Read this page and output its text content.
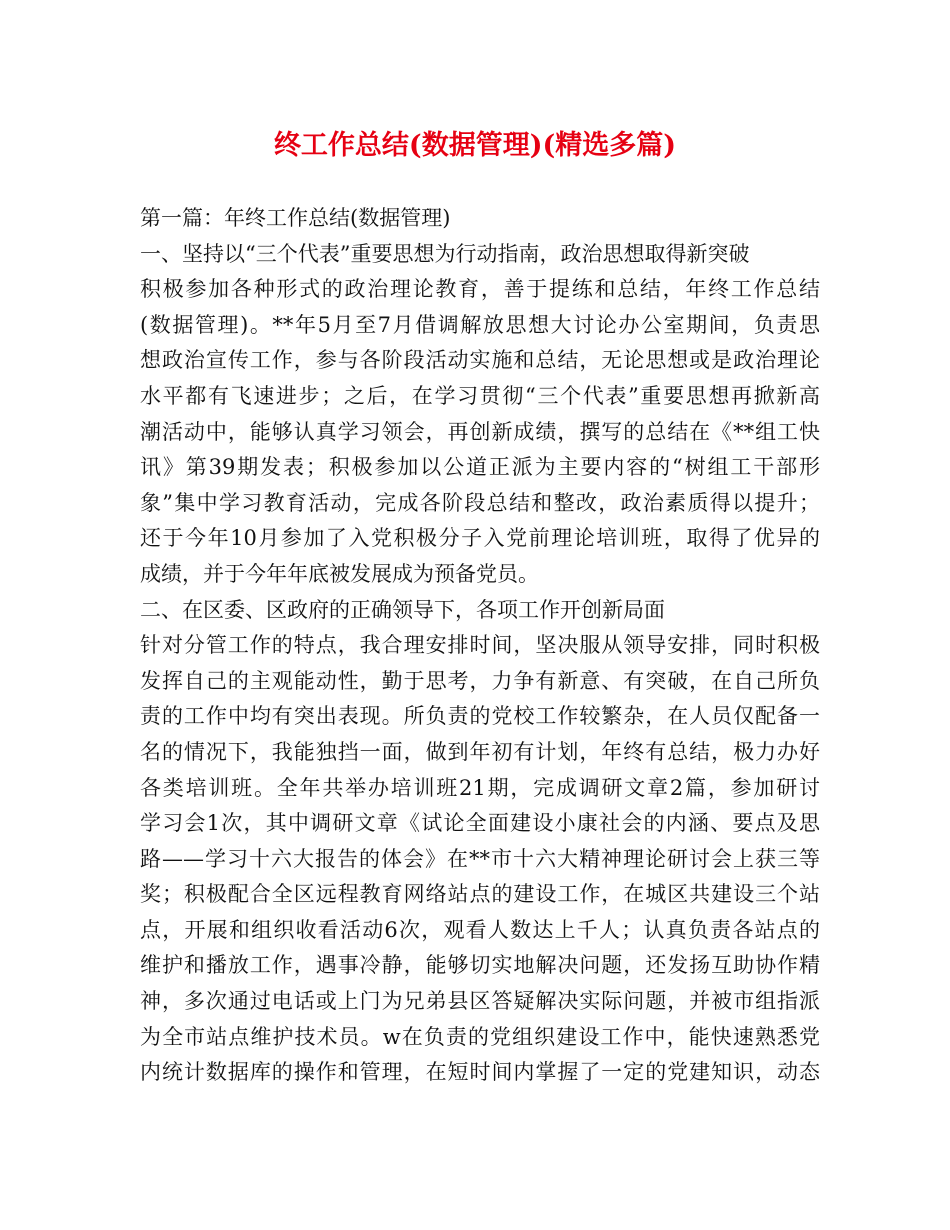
终工作总结(数据管理)(精选多篇)
第一篇：年终工作总结(数据管理)
一、坚持以“三个代表”重要思想为行动指南，政治思想取得新突破
积极参加各种形式的政治理论教育，善于提练和总结，年终工作总结
(数据管理)。**年5月至7月借调解放思想大讨论办公室期间，负责思
想政治宣传工作，参与各阶段活动实施和总结，无论思想或是政治理论
水平都有飞速进步；之后，在学习贯彻“三个代表”重要思想再掀新高
潮活动中，能够认真学习领会，再创新成绩，撰写的总结在《**组工快
讯》第39期发表；积极参加以公道正派为主要内容的“树组工干部形
象”集中学习教育活动，完成各阶段总结和整改，政治素质得以提升；
还于今年10月参加了入党积极分子入党前理论培训班，取得了优异的
成绩，并于今年年底被发展成为预备党员。
二、在区委、区政府的正确领导下，各项工作开创新局面
针对分管工作的特点，我合理安排时间，坚决服从领导安排，同时积极
发挥自己的主观能动性，勤于思考，力争有新意、有突破，在自己所负
责的工作中均有突出表现。所负责的党校工作较繁杂，在人员仅配备一
名的情况下，我能独挡一面，做到年初有计划，年终有总结，极力办好
各类培训班。全年共举办培训班21期，完成调研文章2篇，参加研讨
学习会1次，其中调研文章《试论全面建设小康社会的内涵、要点及思
路——学习十六大报告的体会》在**市十六大精神理论研讨会上获三等
奖；积极配合全区远程教育网络站点的建设工作，在城区共建设三个站
点，开展和组织收看活动6次，观看人数达上千人；认真负责各站点的
维护和播放工作，遇事冷静，能够切实地解决问题，还发扬互助协作精
神，多次通过电话或上门为兄弟县区答疑解决实际问题，并被市组指派
为全市站点维护技术员。w在负责的党组织建设工作中，能快速熟悉党
内统计数据库的操作和管理，在短时间内掌握了一定的党建知识，动态
